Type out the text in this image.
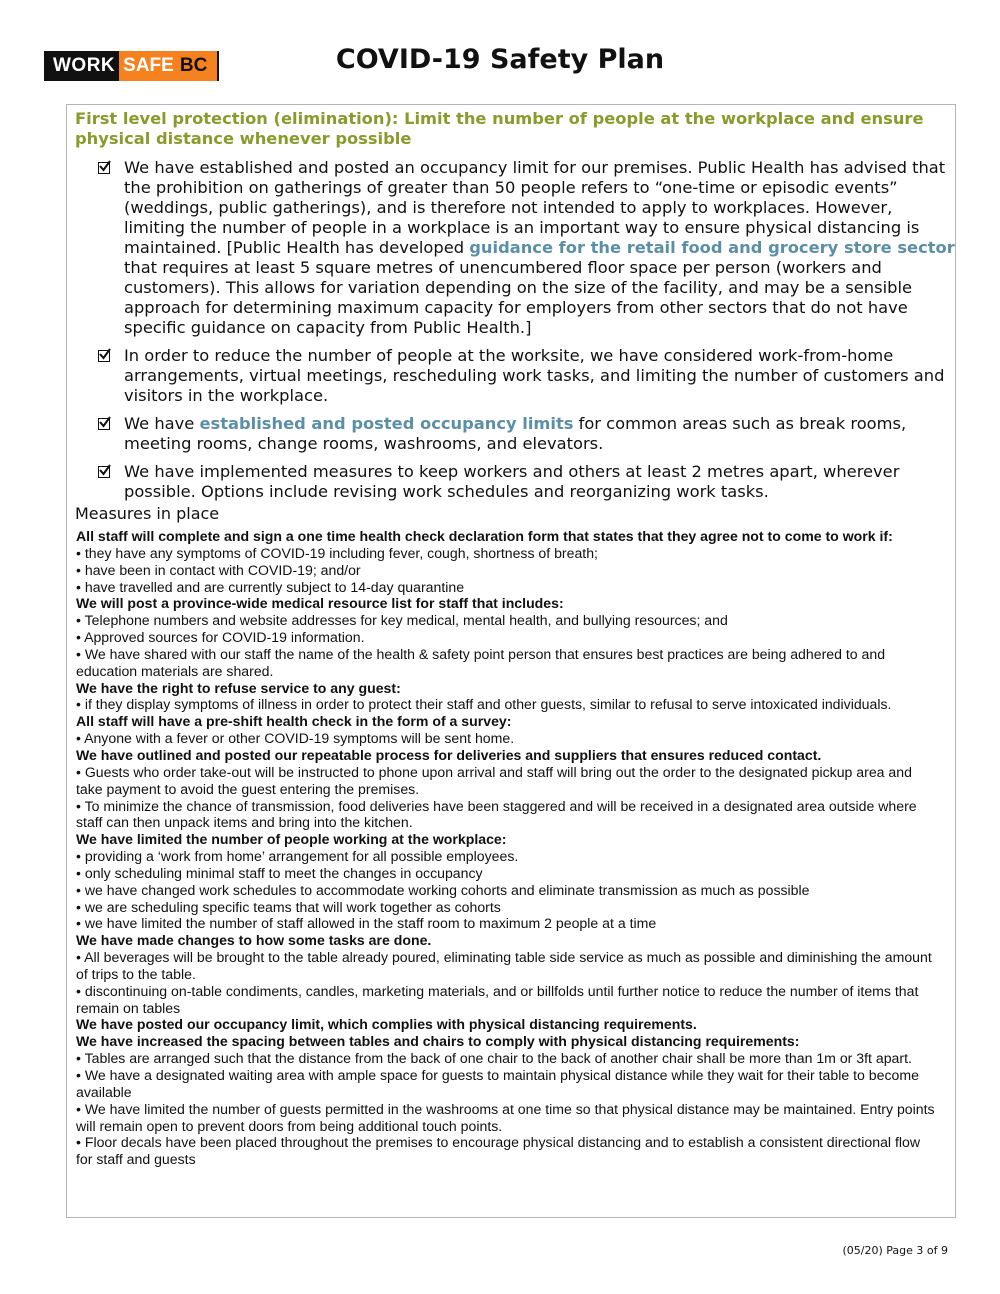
WORK SAFE BC	COVID-19 Safety Plan
First level protection (elimination): Limit the number of people at the workplace and ensure physical distance whenever possible
We have established and posted an occupancy limit for our premises. Public Health has advised that the prohibition on gatherings of greater than 50 people refers to “one-time or episodic events” (weddings, public gatherings), and is therefore not intended to apply to workplaces. However, limiting the number of people in a workplace is an important way to ensure physical distancing is maintained. [Public Health has developed guidance for the retail food and grocery store sector that requires at least 5 square metres of unencumbered floor space per person (workers and customers). This allows for variation depending on the size of the facility, and may be a sensible approach for determining maximum capacity for employers from other sectors that do not have specific guidance on capacity from Public Health.]
In order to reduce the number of people at the worksite, we have considered work-from-home arrangements, virtual meetings, rescheduling work tasks, and limiting the number of customers and visitors in the workplace.
We have established and posted occupancy limits for common areas such as break rooms, meeting rooms, change rooms, washrooms, and elevators.
We have implemented measures to keep workers and others at least 2 metres apart, wherever possible. Options include revising work schedules and reorganizing work tasks.

Measures in place

All staff will complete and sign a one time health check declaration form that states that they agree not to come to work if:

• they have any symptoms of COVID-19 including fever, cough, shortness of breath;

• have been in contact with COVID-19; and/or

• have travelled and are currently subject to 14-day quarantine

We will post a province-wide medical resource list for staff that includes:

• Telephone numbers and website addresses for key medical, mental health, and bullying resources; and

• Approved sources for COVID-19 information.

• We have shared with our staff the name of the health & safety point person that ensures best practices are being adhered to and education materials are shared.

We have the right to refuse service to any guest:

• if they display symptoms of illness in order to protect their staff and other guests, similar to refusal to serve intoxicated individuals.

All staff will have a pre-shift health check in the form of a survey:

• Anyone with a fever or other COVID-19 symptoms will be sent home.

We have outlined and posted our repeatable process for deliveries and suppliers that ensures reduced contact.

• Guests who order take-out will be instructed to phone upon arrival and staff will bring out the order to the designated pickup area and take payment to avoid the guest entering the premises.

• To minimize the chance of transmission, food deliveries have been staggered and will be received in a designated area outside where staff can then unpack items and bring into the kitchen.

We have limited the number of people working at the workplace:

• providing a ‘work from home’ arrangement for all possible employees.

• only scheduling minimal staff to meet the changes in occupancy

• we have changed work schedules to accommodate working cohorts and eliminate transmission as much as possible

• we are scheduling specific teams that will work together as cohorts

• we have limited the number of staff allowed in the staff room to maximum 2 people at a time

We have made changes to how some tasks are done.

• All beverages will be brought to the table already poured, eliminating table side service as much as possible and diminishing the amount of trips to the table.

• discontinuing on-table condiments, candles, marketing materials, and or billfolds until further notice to reduce the number of items that remain on tables

We have posted our occupancy limit, which complies with physical distancing requirements.

We have increased the spacing between tables and chairs to comply with physical distancing requirements:

• Tables are arranged such that the distance from the back of one chair to the back of another chair shall be more than 1m or 3ft apart.

• We have a designated waiting area with ample space for guests to maintain physical distance while they wait for their table to become available

• We have limited the number of guests permitted in the washrooms at one time so that physical distance may be maintained. Entry points will remain open to prevent doors from being additional touch points.

• Floor decals have been placed throughout the premises to encourage physical distancing and to establish a consistent directional flow for staff and guests

(05/20) Page 3 of 9
